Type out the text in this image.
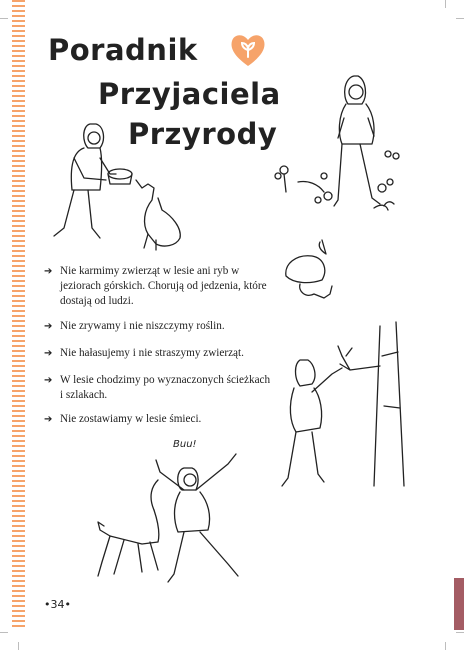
Poradnik
Przyjaciela
Przyrody
Buu!
➔ Nie karmimy zwierząt w lesie ani ryb w jeziorach górskich. Chorują od jedzenia, które dostają od ludzi.
➔ Nie zrywamy i nie niszczymy roślin.
➔ Nie hałasujemy i nie straszymy zwierząt.
➔ W lesie chodzimy po wyznaczonych ścieżkach i szlakach.
➔ Nie zostawiamy w lesie śmieci.
•34•
